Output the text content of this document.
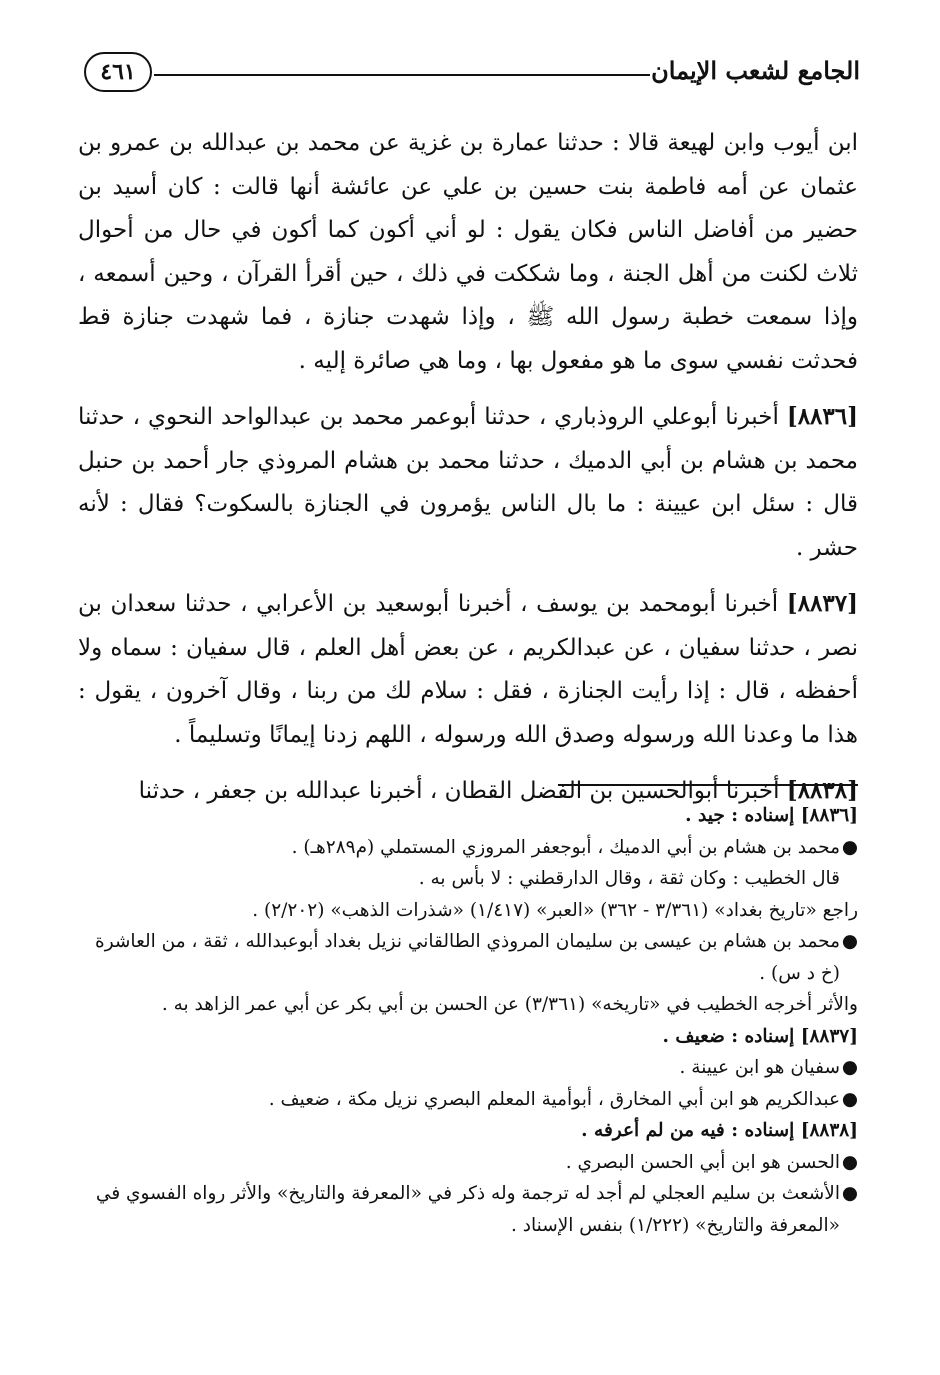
الجامع لشعب الإيمان
٤٦١

ابن أيوب وابن لهيعة قالا : حدثنا عمارة بن غزية عن محمد بن عبدالله بن عمرو بن عثمان عن أمه فاطمة بنت حسين بن علي عن عائشة أنها قالت : كان أسيد بن حضير من أفاضل الناس فكان يقول : لو أني أكون كما أكون في حال من أحوال ثلاث لكنت من أهل الجنة ، وما شككت في ذلك ، حين أقرأ القرآن ، وحين أسمعه ، وإذا سمعت خطبة رسول الله ﷺ ، وإذا شهدت جنازة ، فما شهدت جنازة قط فحدثت نفسي سوى ما هو مفعول بها ، وما هي صائرة إليه .

[٨٨٣٦] أخبرنا أبوعلي الروذباري ، حدثنا أبوعمر محمد بن عبدالواحد النحوي ، حدثنا محمد بن هشام بن أبي الدميك ، حدثنا محمد بن هشام المروذي جار أحمد بن حنبل قال : سئل ابن عيينة : ما بال الناس يؤمرون في الجنازة بالسكوت؟ فقال : لأنه حشر .

[٨٨٣٧] أخبرنا أبومحمد بن يوسف ، أخبرنا أبوسعيد بن الأعرابي ، حدثنا سعدان بن نصر ، حدثنا سفيان ، عن عبدالكريم ، عن بعض أهل العلم ، قال سفيان : سماه ولا أحفظه ، قال : إذا رأيت الجنازة ، فقل : سلام لك من ربنا ، وقال آخرون ، يقول : هذا ما وعدنا الله ورسوله وصدق الله ورسوله ، اللهم زدنا إيمانًا وتسليماً .

[٨٨٣٨] أخبرنا أبوالحسين بن الفضل القطان ، أخبرنا عبدالله بن جعفر ، حدثنا

[٨٨٣٦] إسناده : جيد .

●محمد بن هشام بن أبي الدميك ، أبوجعفر المروزي المستملي (م٢٨٩هـ) .

قال الخطيب : وكان ثقة ، وقال الدارقطني : لا بأس به .

راجع «تاريخ بغداد» (٣/٣٦١ - ٣٦٢) «العبر» (١/٤١٧) «شذرات الذهب» (٢/٢٠٢) .

●محمد بن هشام بن عيسى بن سليمان المروذي الطالقاني نزيل بغداد أبوعبدالله ، ثقة ، من العاشرة (خ د س) .

والأثر أخرجه الخطيب في «تاريخه» (٣/٣٦١) عن الحسن بن أبي بكر عن أبي عمر الزاهد به .

[٨٨٣٧] إسناده : ضعيف .

●سفيان هو ابن عيينة .

●عبدالكريم هو ابن أبي المخارق ، أبوأمية المعلم البصري نزيل مكة ، ضعيف .

[٨٨٣٨] إسناده : فيه من لم أعرفه .

●الحسن هو ابن أبي الحسن البصري .

●الأشعث بن سليم العجلي لم أجد له ترجمة وله ذكر في «المعرفة والتاريخ» والأثر رواه الفسوي في «المعرفة والتاريخ» (١/٢٢٢) بنفس الإسناد .
